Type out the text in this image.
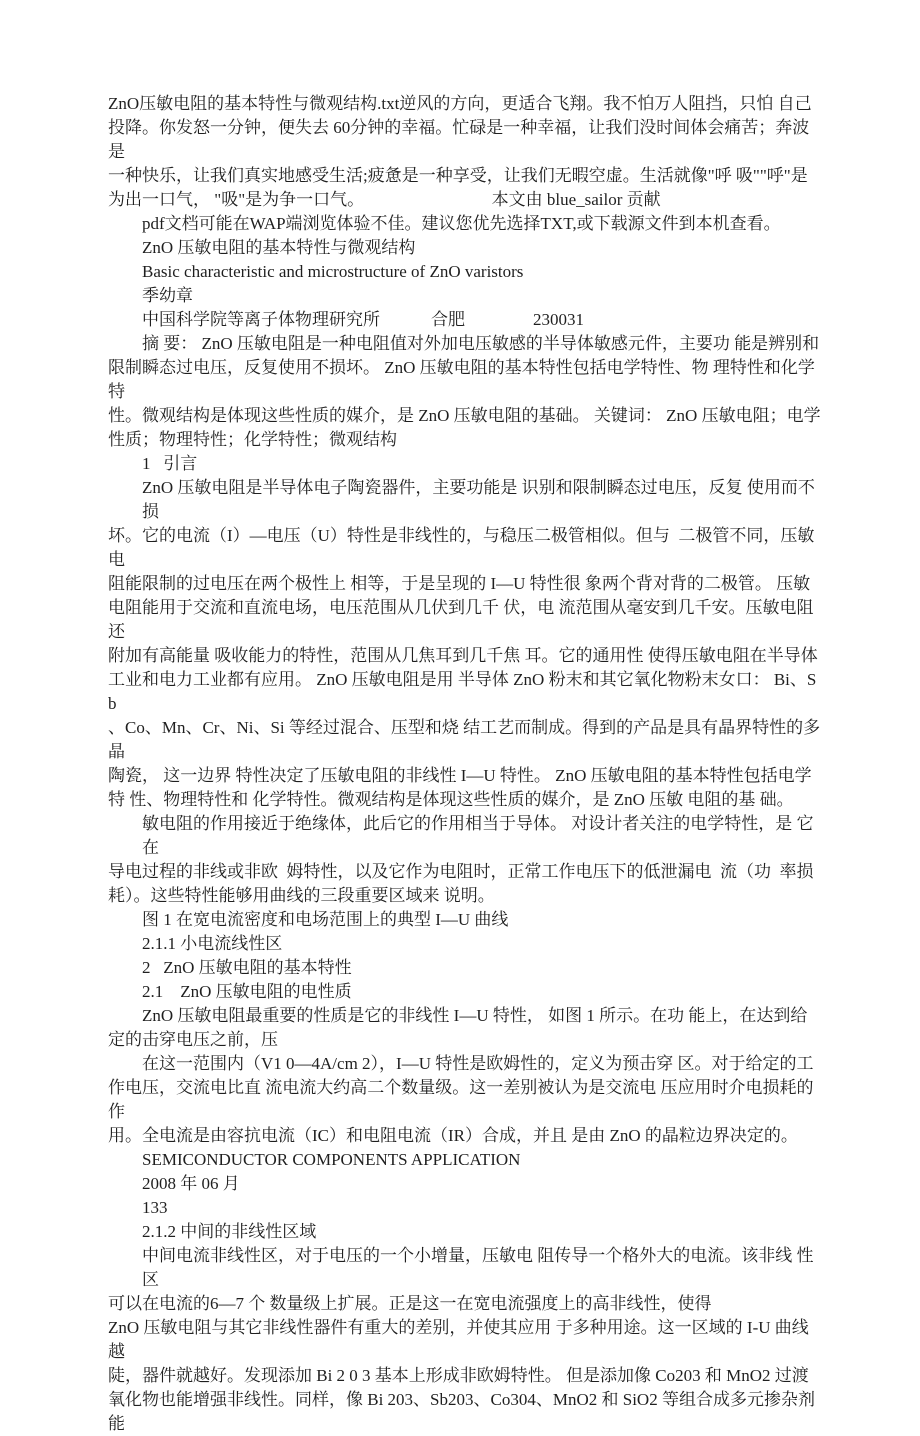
ZnO压敏电阻的基本特性与微观结构.txt逆风的方向，更适合飞翔。我不怕万人阻挡，只怕 自己
投降。你发怒一分钟，便失去 60分钟的幸福。忙碌是一种幸福，让我们没时间体会痛苦；奔波是
一种快乐，让我们真实地感受生活;疲惫是一种享受，让我们无暇空虚。生活就像"呼 吸""呼"是
为出一口气， "吸"是为争一口气。　　　　　　　　本文由 blue_sailor 贡献
pdf文档可能在WAP端浏览体验不佳。建议您优先选择TXT,或下载源文件到本机查看。
ZnO 压敏电阻的基本特性与微观结构
Basic characteristic and microstructure of ZnO varistors
季幼章
中国科学院等离子体物理研究所　　　合肥　　　　230031
摘 要： ZnO 压敏电阻是一种电阻值对外加电压敏感的半导体敏感元件，主要功 能是辨别和
限制瞬态过电压，反复使用不损坏。 ZnO 压敏电阻的基本特性包括电学特性、物 理特性和化学特
性。微观结构是体现这些性质的媒介，是 ZnO 压敏电阻的基础。 关键词： ZnO 压敏电阻；电学
性质；物理特性；化学特性；微观结构
1   引言
ZnO 压敏电阻是半导体电子陶瓷器件，主要功能是 识别和限制瞬态过电压，反复 使用而不损
坏。它的电流（I）—电压（U）特性是非线性的，与稳压二极管相似。但与  二极管不同，压敏电
阻能限制的过电压在两个极性上 相等，于是呈现的 I—U 特性很 象两个背对背的二极管。 压敏
电阻能用于交流和直流电场，电压范围从几伏到几千 伏，电 流范围从毫安到几千安。压敏电阻还
附加有高能量 吸收能力的特性，范围从几焦耳到几千焦 耳。它的通用性 使得压敏电阻在半导体
工业和电力工业都有应用。 ZnO 压敏电阻是用 半导体 ZnO 粉末和其它氧化物粉末女口： Bi、Sb
、Co、Mn、Cr、Ni、Si 等经过混合、压型和烧 结工艺而制成。得到的产品是具有晶界特性的多晶
陶瓷， 这一边界 特性决定了压敏电阻的非线性 I—U 特性。 ZnO 压敏电阻的基本特性包括电学
特 性、物理特性和 化学特性。微观结构是体现这些性质的媒介，是 ZnO 压敏 电阻的基 础。
敏电阻的作用接近于绝缘体，此后它的作用相当于导体。 对设计者关注的电学特性，是 它在
导电过程的非线或非欧  姆特性，以及它作为电阻时，正常工作电压下的低泄漏电  流（功  率损
耗）。这些特性能够用曲线的三段重要区域来 说明。
图 1 在宽电流密度和电场范围上的典型 I—U 曲线
2.1.1 小电流线性区
2   ZnO 压敏电阻的基本特性
2.1    ZnO 压敏电阻的电性质
ZnO 压敏电阻最重要的性质是它的非线性 I—U 特性， 如图 1 所示。在功 能上，在达到给
定的击穿电压之前，压
在这一范围内（V1 0—4A/cm 2），I—U 特性是欧姆性的，定义为预击穿 区。对于给定的工
作电压，交流电比直 流电流大约高二个数量级。这一差别被认为是交流电 压应用时介电损耗的作
用。全电流是由容抗电流（IC）和电阻电流（IR）合成，并且 是由 ZnO 的晶粒边界决定的。
SEMICONDUCTOR COMPONENTS APPLICATION
2008 年 06 月
133
2.1.2 中间的非线性区域
中间电流非线性区，对于电压的一个小增量，压敏电 阻传导一个格外大的电流。该非线 性区
可以在电流的6—7 个 数量级上扩展。正是这一在宽电流强度上的高非线性，使得
ZnO 压敏电阻与其它非线性器件有重大的差别，并使其应用 于多种用途。这一区域的 I-U 曲线越
陡，器件就越好。发现添加 Bi 2 0 3 基本上形成非欧姆特性。 但是添加像 Co203 和 MnO2 过渡
氧化物也能增强非线性。同样，像 Bi 203、Sb203、Co304、MnO2 和 SiO2 等组合成多元掺杂剂能
